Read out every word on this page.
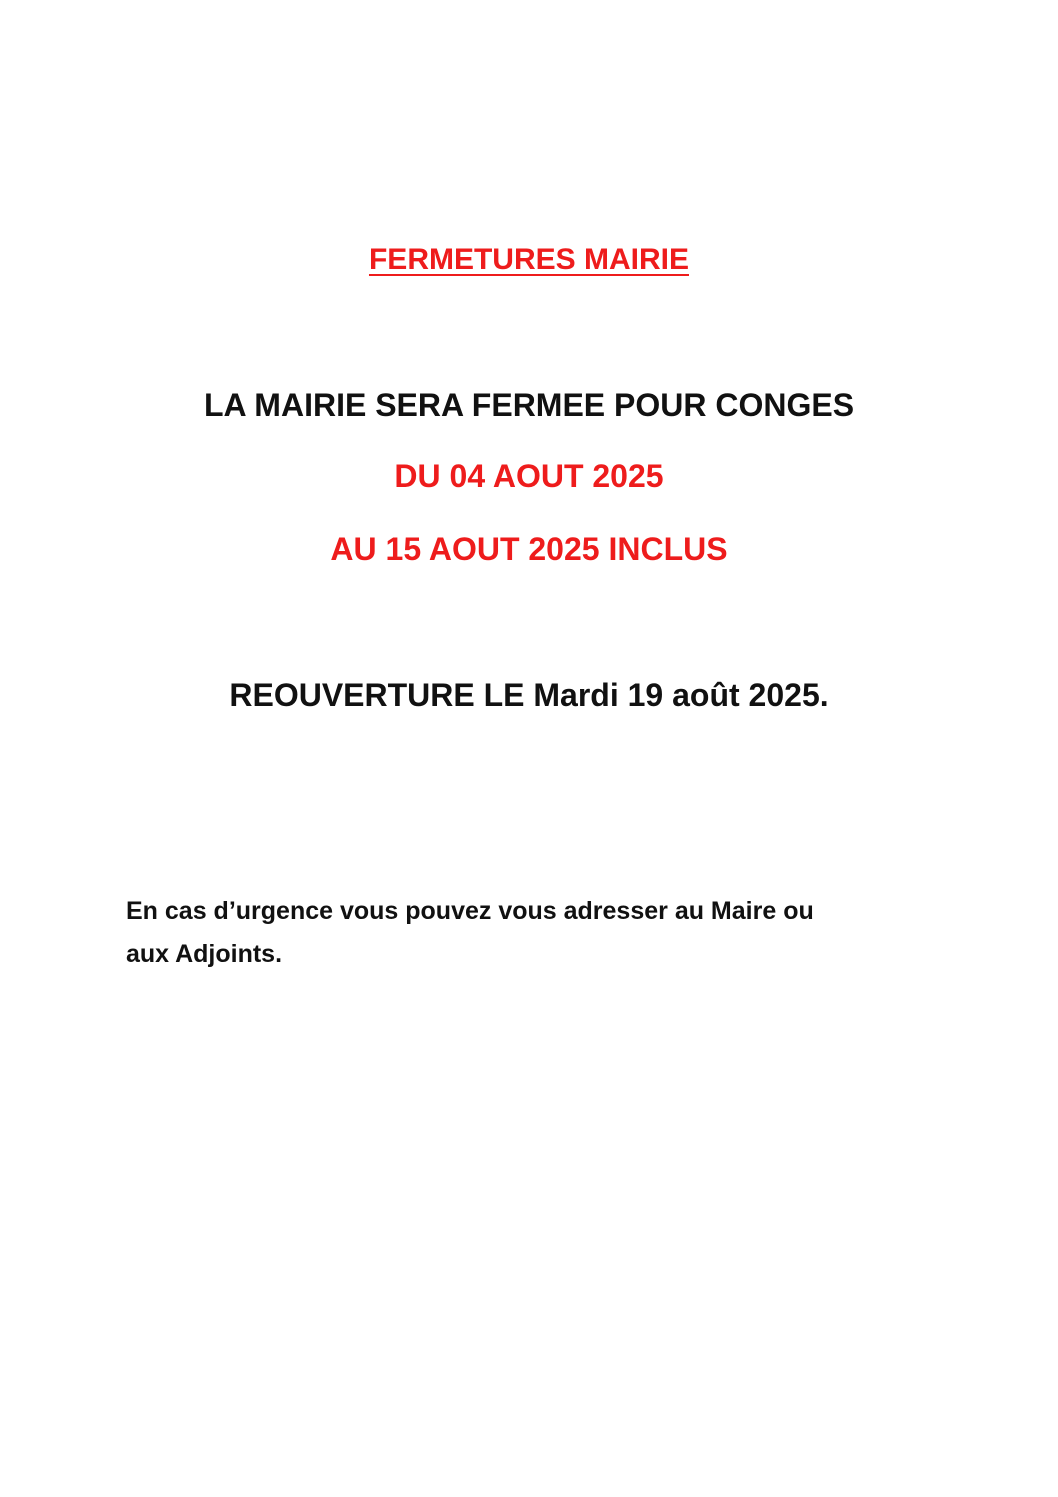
FERMETURES MAIRIE
LA MAIRIE SERA FERMEE POUR CONGES
DU 04 AOUT 2025
AU 15 AOUT 2025 INCLUS
REOUVERTURE LE Mardi 19 août 2025.
En cas d’urgence vous pouvez vous adresser au Maire ou
aux Adjoints.
